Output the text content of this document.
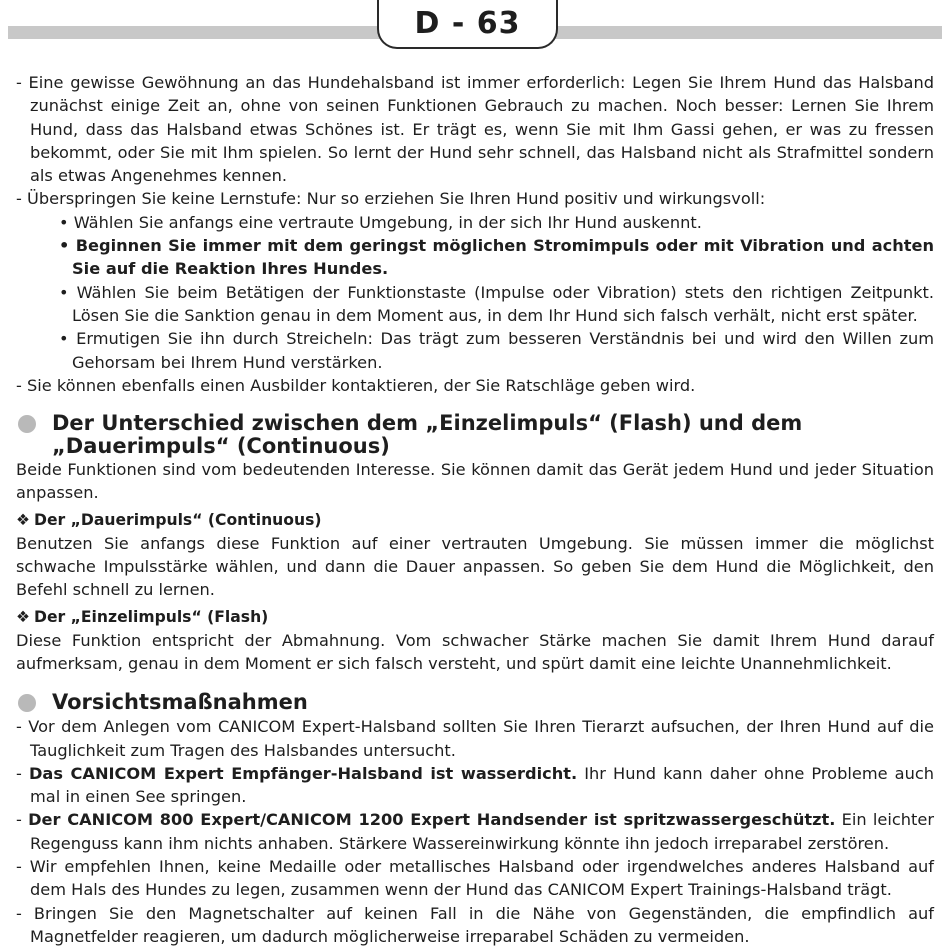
D - 63

- Eine gewisse Gewöhnung an das Hundehalsband ist immer erforderlich: Legen Sie Ihrem Hund das Halsband zunächst einige Zeit an, ohne von seinen Funktionen Gebrauch zu machen. Noch besser: Lernen Sie Ihrem Hund, dass das Halsband etwas Schönes ist. Er trägt es, wenn Sie mit Ihm Gassi gehen, er was zu fressen bekommt, oder Sie mit Ihm spielen. So lernt der Hund sehr schnell, das Halsband nicht als Strafmittel sondern als etwas Angenehmes kennen.

- Überspringen Sie keine Lernstufe: Nur so erziehen Sie Ihren Hund positiv und wirkungsvoll:

• Wählen Sie anfangs eine vertraute Umgebung, in der sich Ihr Hund auskennt.

• Beginnen Sie immer mit dem geringst möglichen Stromimpuls oder mit Vibration und achten Sie auf die Reaktion Ihres Hundes.

• Wählen Sie beim Betätigen der Funktionstaste (Impulse oder Vibration) stets den richtigen Zeitpunkt. Lösen Sie die Sanktion genau in dem Moment aus, in dem Ihr Hund sich falsch verhält, nicht erst später.

• Ermutigen Sie ihn durch Streicheln: Das trägt zum besseren Verständnis bei und wird den Willen zum Gehorsam bei Ihrem Hund verstärken.

- Sie können ebenfalls einen Ausbilder kontaktieren, der Sie Ratschläge geben wird.

Der Unterschied zwischen dem „Einzelimpuls“ (Flash) und dem
„Dauerimpuls“ (Continuous)

Beide Funktionen sind vom bedeutenden Interesse. Sie können damit das Gerät jedem Hund und jeder Situation anpassen.

❖ Der „Dauerimpuls“ (Continuous)

Benutzen Sie anfangs diese Funktion auf einer vertrauten Umgebung. Sie müssen immer die möglichst schwache Impulsstärke wählen, und dann die Dauer anpassen. So geben Sie dem Hund die Möglichkeit, den Befehl schnell zu lernen.

❖ Der „Einzelimpuls“ (Flash)

Diese Funktion entspricht der Abmahnung. Vom schwacher Stärke machen Sie damit Ihrem Hund darauf aufmerksam, genau in dem Moment er sich falsch versteht, und spürt damit eine leichte Unannehmlichkeit.

Vorsichtsmaßnahmen

- Vor dem Anlegen vom CANICOM Expert-Halsband sollten Sie Ihren Tierarzt aufsuchen, der Ihren Hund auf die Tauglichkeit zum Tragen des Halsbandes untersucht.

- Das CANICOM Expert Empfänger-Halsband ist wasserdicht. Ihr Hund kann daher ohne Probleme auch mal in einen See springen.

- Der CANICOM 800 Expert/CANICOM 1200 Expert Handsender ist spritzwassergeschützt. Ein leichter Regenguss kann ihm nichts anhaben. Stärkere Wassereinwirkung könnte ihn jedoch irreparabel zerstören.

- Wir empfehlen Ihnen, keine Medaille oder metallisches Halsband oder irgendwelches anderes Halsband auf dem Hals des Hundes zu legen, zusammen wenn der Hund das CANICOM Expert Trainings-Halsband trägt.

- Bringen Sie den Magnetschalter auf keinen Fall in die Nähe von Gegenständen, die empfindlich auf Magnetfelder reagieren, um dadurch möglicherweise irreparabel Schäden zu vermeiden.
